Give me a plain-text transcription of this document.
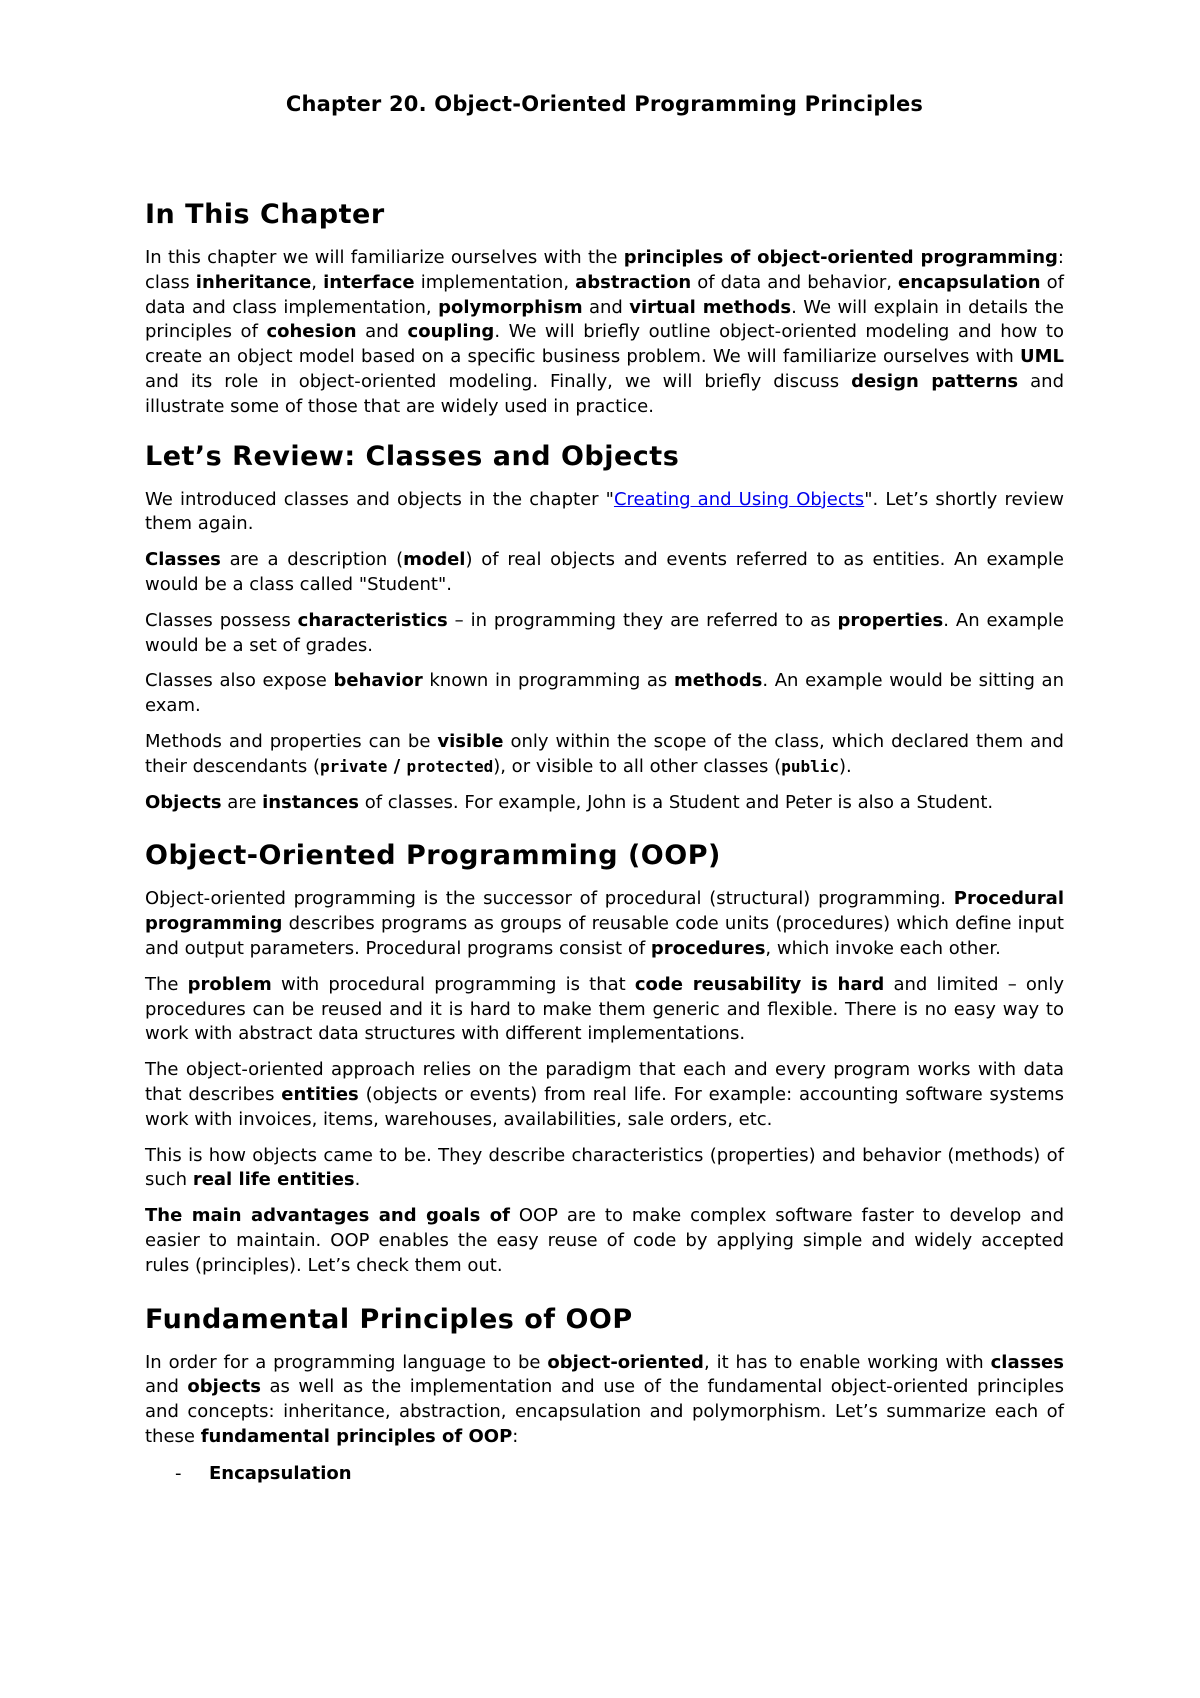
Chapter 20. Object-Oriented Programming Principles
In This Chapter

In this chapter we will familiarize ourselves with the principles of object-oriented programming: class inheritance, interface implementation, abstraction of data and behavior, encapsulation of data and class implementation, polymorphism and virtual methods. We will explain in details the principles of cohesion and coupling. We will briefly outline object-oriented modeling and how to create an object model based on a specific business problem. We will familiarize ourselves with UML and its role in object-oriented modeling. Finally, we will briefly discuss design patterns and illustrate some of those that are widely used in practice.

Let’s Review: Classes and Objects

We introduced classes and objects in the chapter "Creating and Using Objects". Let’s shortly review them again.

Classes are a description (model) of real objects and events referred to as entities. An example would be a class called "Student".

Classes possess characteristics – in programming they are referred to as properties. An example would be a set of grades.

Classes also expose behavior known in programming as methods. An example would be sitting an exam.

Methods and properties can be visible only within the scope of the class, which declared them and their descendants (private / protected), or visible to all other classes (public).

Objects are instances of classes. For example, John is a Student and Peter is also a Student.

Object-Oriented Programming (OOP)

Object-oriented programming is the successor of procedural (structural) programming. Procedural programming describes programs as groups of reusable code units (procedures) which define input and output parameters. Procedural programs consist of procedures, which invoke each other.

The problem with procedural programming is that code reusability is hard and limited – only procedures can be reused and it is hard to make them generic and flexible. There is no easy way to work with abstract data structures with different implementations.

The object-oriented approach relies on the paradigm that each and every program works with data that describes entities (objects or events) from real life. For example: accounting software systems work with invoices, items, warehouses, availabilities, sale orders, etc.

This is how objects came to be. They describe characteristics (properties) and behavior (methods) of such real life entities.

The main advantages and goals of OOP are to make complex software faster to develop and easier to maintain. OOP enables the easy reuse of code by applying simple and widely accepted rules (principles). Let’s check them out.

Fundamental Principles of OOP

In order for a programming language to be object-oriented, it has to enable working with classes and objects as well as the implementation and use of the fundamental object-oriented principles and concepts: inheritance, abstraction, encapsulation and polymorphism. Let’s summarize each of these fundamental principles of OOP:

- Encapsulation
